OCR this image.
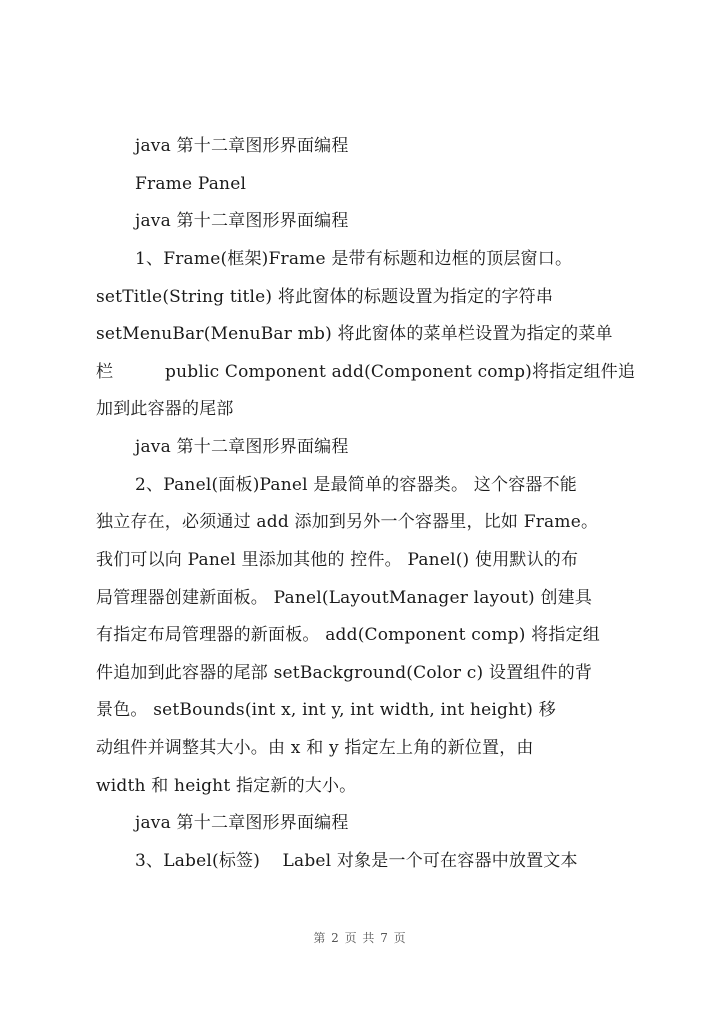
java 第十二章图形界面编程
Frame Panel
java 第十二章图形界面编程
1、Frame(框架)Frame 是带有标题和边框的顶层窗口。
setTitle(String title) 将此窗体的标题设置为指定的字符串
setMenuBar(MenuBar mb) 将此窗体的菜单栏设置为指定的菜单
栏	public Component add(Component comp)将指定组件追
加到此容器的尾部
java 第十二章图形界面编程
2、Panel(面板)Panel 是最简单的容器类。 这个容器不能
独立存在，必须通过 add 添加到另外一个容器里，比如 Frame。
我们可以向 Panel 里添加其他的 控件。 Panel() 使用默认的布
局管理器创建新面板。 Panel(LayoutManager layout) 创建具
有指定布局管理器的新面板。 add(Component comp) 将指定组
件追加到此容器的尾部 setBackground(Color c) 设置组件的背
景色。 setBounds(int x, int y, int width, int height) 移
动组件并调整其大小。由 x 和 y 指定左上角的新位置，由
width 和 height 指定新的大小。
java 第十二章图形界面编程
3、Label(标签)    Label 对象是一个可在容器中放置文本
第 2 页 共 7 页
